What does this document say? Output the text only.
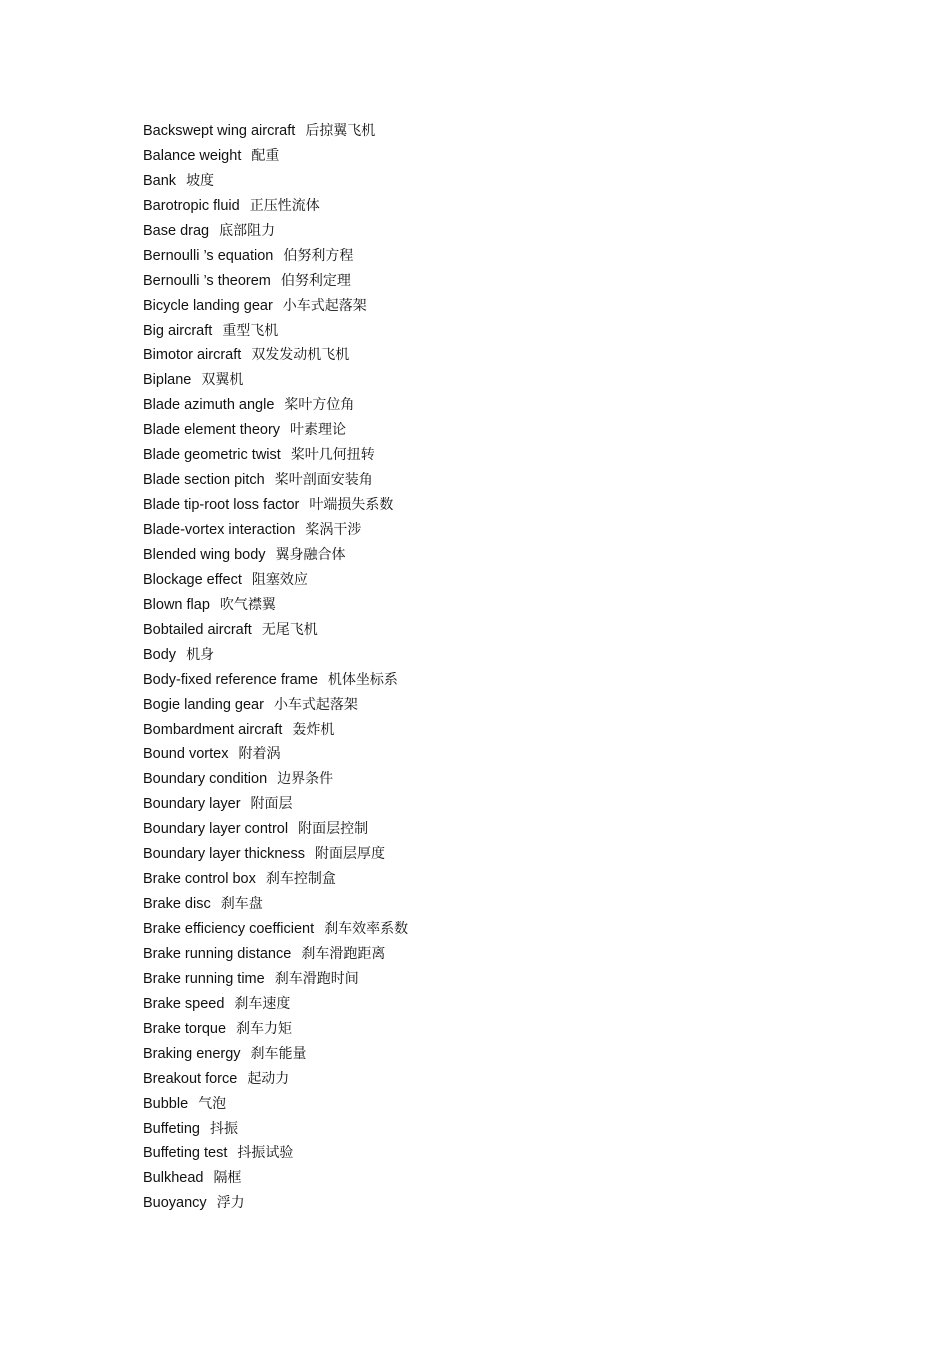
Backswept wing aircraft 后掠翼飞机
Balance weight 配重
Bank 坡度
Barotropic fluid 正压性流体
Base drag 底部阻力
Bernoulli ’s equation 伯努利方程
Bernoulli ’s theorem 伯努利定理
Bicycle landing gear 小车式起落架
Big aircraft 重型飞机
Bimotor aircraft 双发发动机飞机
Biplane 双翼机
Blade azimuth angle 桨叶方位角
Blade element theory 叶素理论
Blade geometric twist 桨叶几何扭转
Blade section pitch 桨叶剖面安装角
Blade tip-root loss factor 叶端损失系数
Blade-vortex interaction 桨涡干涉
Blended wing body 翼身融合体
Blockage effect 阻塞效应
Blown flap 吹气襟翼
Bobtailed aircraft 无尾飞机
Body 机身
Body-fixed reference frame 机体坐标系
Bogie landing gear 小车式起落架
Bombardment aircraft 轰炸机
Bound vortex 附着涡
Boundary condition 边界条件
Boundary layer 附面层
Boundary layer control 附面层控制
Boundary layer thickness 附面层厚度
Brake control box 刹车控制盒
Brake disc 刹车盘
Brake efficiency coefficient 刹车效率系数
Brake running distance 刹车滑跑距离
Brake running time 刹车滑跑时间
Brake speed 刹车速度
Brake torque 刹车力矩
Braking energy 刹车能量
Breakout force 起动力
Bubble 气泡
Buffeting 抖振
Buffeting test 抖振试验
Bulkhead 隔框
Buoyancy 浮力
